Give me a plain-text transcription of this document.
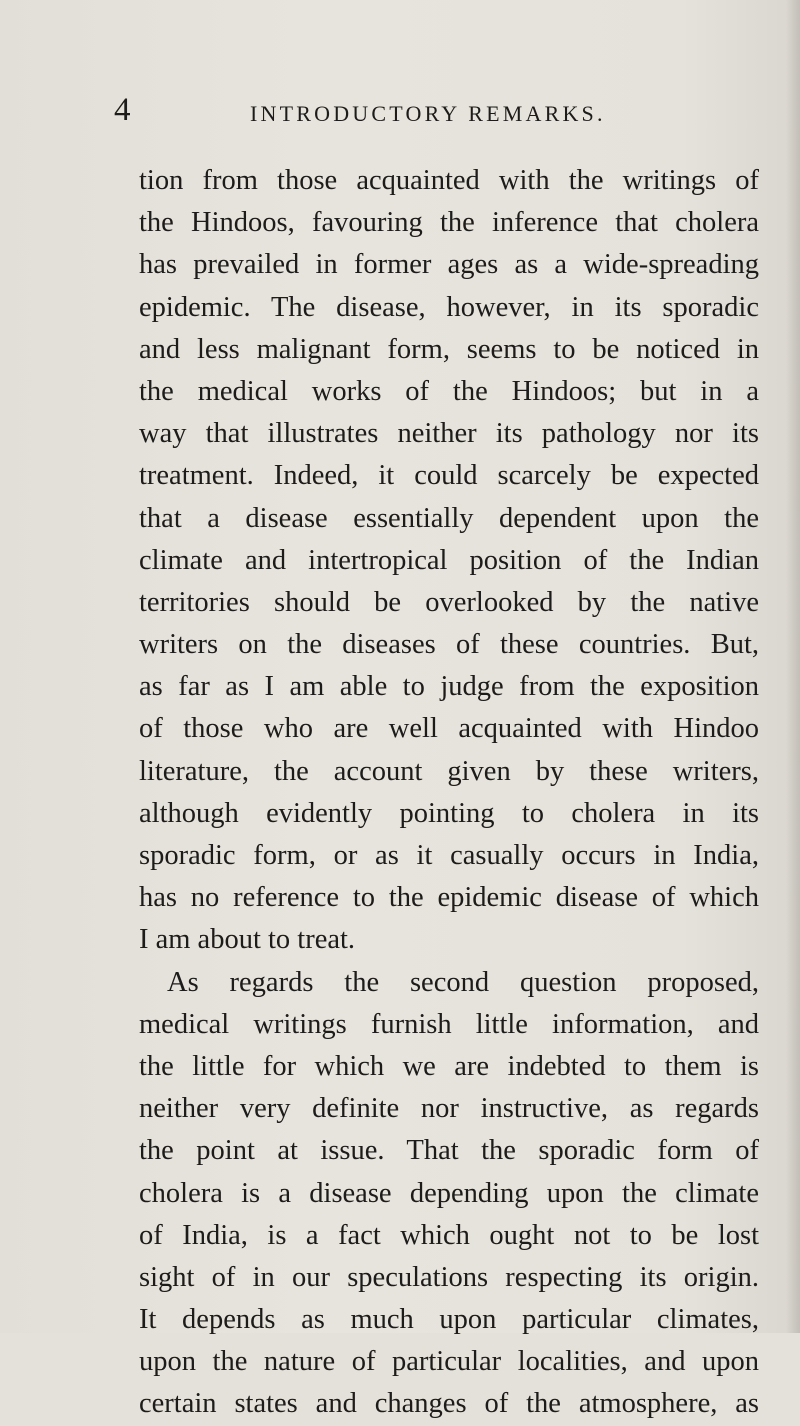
4	INTRODUCTORY REMARKS.
tion from those acquainted with the writings of
the Hindoos, favouring the inference that cholera
has prevailed in former ages as a wide-spreading
epidemic. The disease, however, in its sporadic
and less malignant form, seems to be noticed in
the medical works of the Hindoos; but in a
way that illustrates neither its pathology nor its
treatment. Indeed, it could scarcely be expected
that a disease essentially dependent upon the
climate and intertropical position of the Indian
territories should be overlooked by the native
writers on the diseases of these countries. But,
as far as I am able to judge from the exposition
of those who are well acquainted with Hindoo
literature, the account given by these writers,
although evidently pointing to cholera in its
sporadic form, or as it casually occurs in India,
has no reference to the epidemic disease of which
I am about to treat.
As regards the second question proposed,
medical writings furnish little information, and
the little for which we are indebted to them is
neither very definite nor instructive, as regards
the point at issue. That the sporadic form of
cholera is a disease depending upon the climate
of India, is a fact which ought not to be lost
sight of in our speculations respecting its origin.
It depends as much upon particular climates,
upon the nature of particular localities, and upon
certain states and changes of the atmosphere, as
